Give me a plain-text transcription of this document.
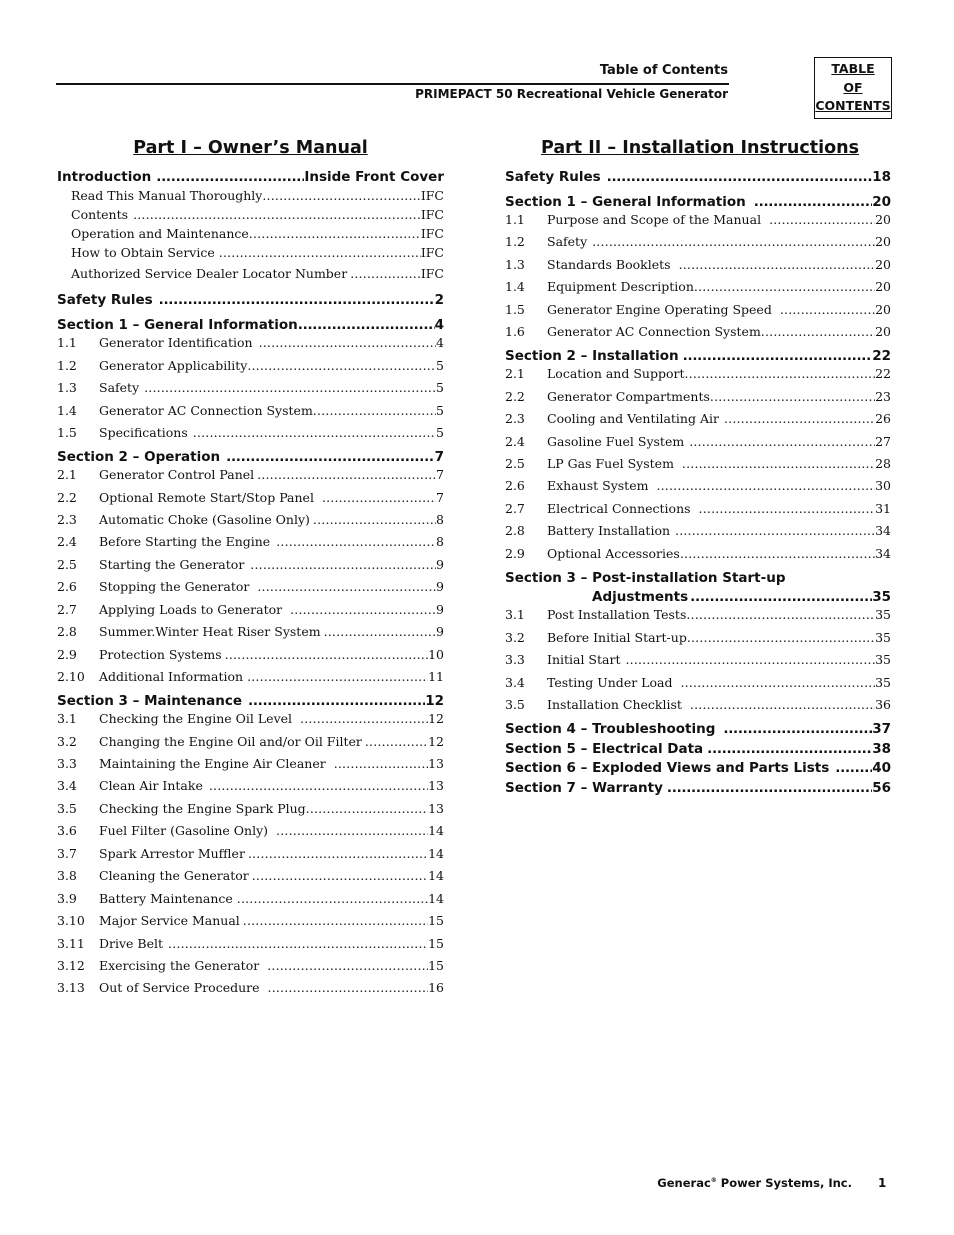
Table of Contents
PRIMEPACT 50 Recreational Vehicle Generator
TABLE
OF
CONTENTS
Part I – Owner’s Manual	Part II – Installation Instructions
Introduction .....	Inside Front Cover
Read This Manual Thoroughly .....	IFC
Contents .....	IFC
Operation and Maintenance .....	IFC
How to Obtain Service .....	IFC
Authorized Service Dealer Locator Number .....	IFC
Safety Rules .....	2
Section 1 – General Information .....	4
1.1	Generator Identification .....	4
1.2	Generator Applicability .....	5
1.3	Safety .....	5
1.4	Generator AC Connection System .....	5
1.5	Specifications .....	5
Section 2 – Operation .....	7
2.1	Generator Control Panel .....	7
2.2	Optional Remote Start/Stop Panel .....	7
2.3	Automatic Choke (Gasoline Only) .....	8
2.4	Before Starting the Engine .....	8
2.5	Starting the Generator .....	9
2.6	Stopping the Generator .....	9
2.7	Applying Loads to Generator .....	9
2.8	Summer.Winter Heat Riser System .....	9
2.9	Protection Systems .....	10
2.10	Additional Information .....	11
Section 3 – Maintenance .....	12
3.1	Checking the Engine Oil Level .....	12
3.2	Changing the Engine Oil and/or Oil Filter .....	12
3.3	Maintaining the Engine Air Cleaner .....	13
3.4	Clean Air Intake .....	13
3.5	Checking the Engine Spark Plug .....	13
3.6	Fuel Filter (Gasoline Only) .....	14
3.7	Spark Arrestor Muffler .....	14
3.8	Cleaning the Generator .....	14
3.9	Battery Maintenance .....	14
3.10	Major Service Manual .....	15
3.11	Drive Belt .....	15
3.12	Exercising the Generator .....	15
3.13	Out of Service Procedure .....	16
Safety Rules .....	18
Section 1 – General Information .....	20
1.1	Purpose and Scope of the Manual .....	20
1.2	Safety .....	20
1.3	Standards Booklets .....	20
1.4	Equipment Description .....	20
1.5	Generator Engine Operating Speed .....	20
1.6	Generator AC Connection System .....	20
Section 2 – Installation .....	22
2.1	Location and Support .....	22
2.2	Generator Compartments .....	23
2.3	Cooling and Ventilating Air .....	26
2.4	Gasoline Fuel System .....	27
2.5	LP Gas Fuel System .....	28
2.6	Exhaust System .....	30
2.7	Electrical Connections .....	31
2.8	Battery Installation .....	34
2.9	Optional Accessories .....	34
Section 3 – Post-installation Start-up
Adjustments .....	35
3.1	Post Installation Tests .....	35
3.2	Before Initial Start-up .....	35
3.3	Initial Start .....	35
3.4	Testing Under Load .....	35
3.5	Installation Checklist .....	36
Section 4 – Troubleshooting .....	37
Section 5 – Electrical Data .....	38
Section 6 – Exploded Views and Parts Lists .....	40
Section 7 – Warranty .....	56
Generac® Power Systems, Inc. 1
